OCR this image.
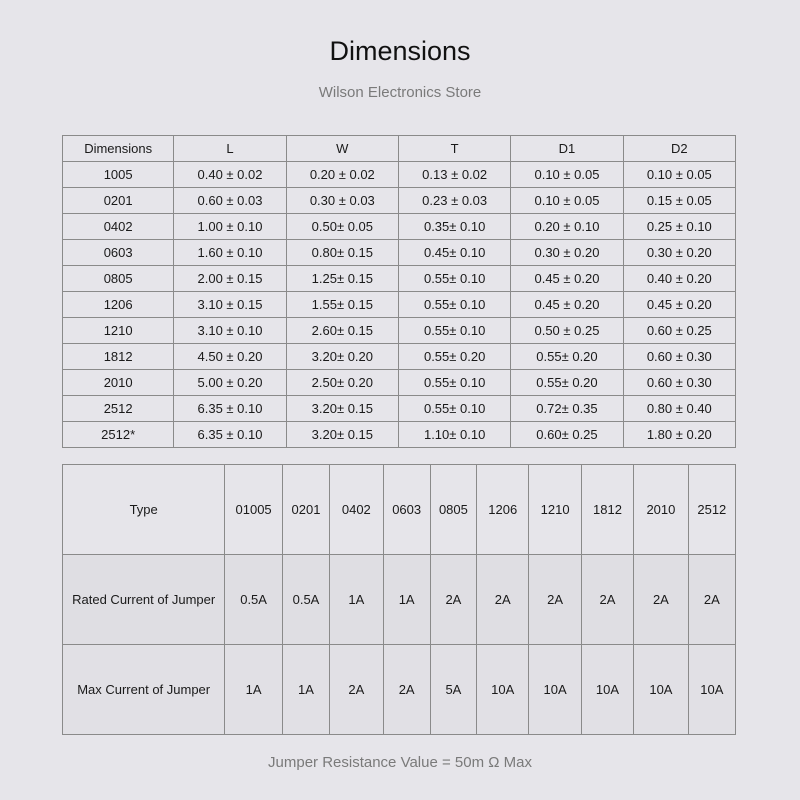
Dimensions
Wilson Electronics Store
Dimensions	L	W	T	D1	D2
1005	0.40 ± 0.02	0.20 ± 0.02	0.13 ± 0.02	0.10 ± 0.05	0.10 ± 0.05
0201	0.60 ± 0.03	0.30 ± 0.03	0.23 ± 0.03	0.10 ± 0.05	0.15 ± 0.05
0402	1.00 ± 0.10	0.50± 0.05	0.35± 0.10	0.20 ± 0.10	0.25 ± 0.10
0603	1.60 ± 0.10	0.80± 0.15	0.45± 0.10	0.30 ± 0.20	0.30 ± 0.20
0805	2.00 ± 0.15	1.25± 0.15	0.55± 0.10	0.45 ± 0.20	0.40 ± 0.20
1206	3.10 ± 0.15	1.55± 0.15	0.55± 0.10	0.45 ± 0.20	0.45 ± 0.20
1210	3.10 ± 0.10	2.60± 0.15	0.55± 0.10	0.50 ± 0.25	0.60 ± 0.25
1812	4.50 ± 0.20	3.20± 0.20	0.55± 0.20	0.55± 0.20	0.60 ± 0.30
2010	5.00 ± 0.20	2.50± 0.20	0.55± 0.10	0.55± 0.20	0.60 ± 0.30
2512	6.35 ± 0.10	3.20± 0.15	0.55± 0.10	0.72± 0.35	0.80 ± 0.40
2512*	6.35 ± 0.10	3.20± 0.15	1.10± 0.10	0.60± 0.25	1.80 ± 0.20
Type	01005	0201	0402	0603	0805	1206	1210	1812	2010	2512
Rated Current of Jumper	0.5A	0.5A	1A	1A	2A	2A	2A	2A	2A	2A
Max Current of Jumper	1A	1A	2A	2A	5A	10A	10A	10A	10A	10A
Jumper Resistance Value = 50m Ω Max
